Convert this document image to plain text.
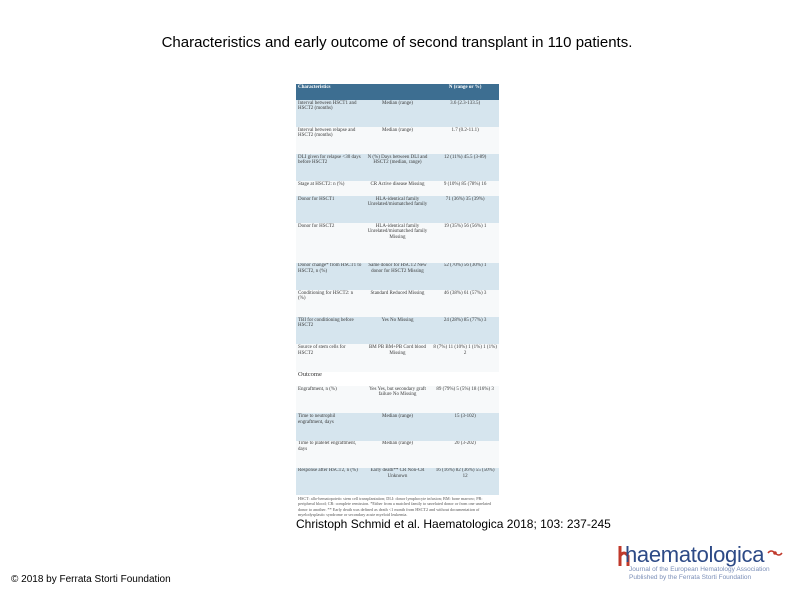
Characteristics and early outcome of second transplant in 110 patients.
Characteristics		N (range or %)
Interval between HSCT1 and HSCT2 (months)	Median (range)	3.6 (2.3-133.5)
Interval between relapse and HSCT2 (months)	Median (range)	1.7 (0.2-11.1)
DLI given for relapse <30 days before HSCT2	N (%) Days between DLI and HSCT2 (median, range)	12 (11%) 45.5 (3-89)
Stage at HSCT2: n (%)	CR Active disease Missing	9 (10%) 85 (78%) 16
Donor for HSCT1	HLA-identical family Unrelated/mismatched family	71 (36%) 35 (39%)
Donor for HSCT2	HLA-identical family Unrelated/mismatched family Missing	19 (35%) 56 (56%) 1
Donor change* from HSCT1 to HSCT2, n (%)	Same donor for HSCT2 New donor for HSCT2 Missing	52 (70%) 56 (30%) 1
Conditioning for HSCT2: n (%)	Standard Reduced Missing	46 (38%) 61 (57%) 3
TBI for conditioning before HSCT2	Yes No Missing	24 (28%) 85 (77%) 3
Source of stem cells for HSCT2	BM PB BM+PB Cord blood Missing	8 (7%) 11 (10%) 1 (1%) 1 (1%) 2
Outcome		
Engraftment, n (%)	Yes Yes, but secondary graft failure No Missing	89 (79%) 5 (5%) 18 (16%) 3
Time to neutrophil engraftment, days	Median (range)	15 (3-102)
Time to platelet engraftment, days	Median (range)	20 (3-202)
Response after HSCT2, n (%)	Early death** CR Non-CR Unknown	16 (16%) 82 (36%) 55 (50%) 12
HSCT: allo-hematopoietic stem cell transplantation; DLI: donor lymphocyte infusion; BM: bone marrow; PB: peripheral blood; CR: complete remission. *Either from a matched family to unrelated donor or from one unrelated donor to another. ** Early death was defined as death <1 month from HSCT2 and without documentation of myelodysplastic syndrome or secondary acute myeloid leukemia.		
Christoph Schmid et al. Haematologica 2018; 103: 237-245
© 2018 by Ferrata Storti Foundation
haematologica
Journal of the European Hematology Association
Published by the Ferrata Storti Foundation
